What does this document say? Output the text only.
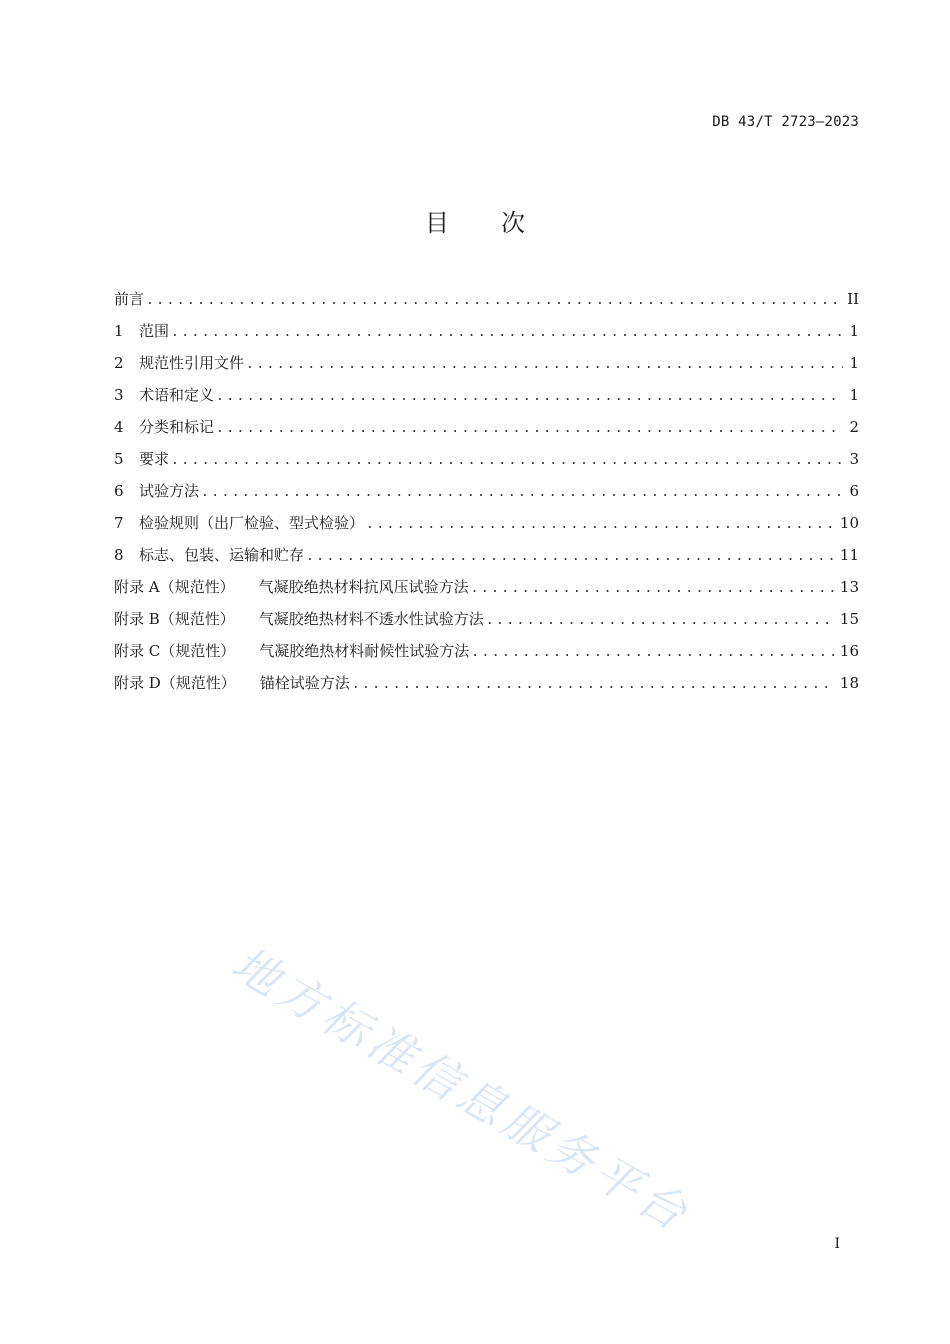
DB 43/T 2723—2023
目 次
前言 .....	II
1	范围 .....	1
2	规范性引用文件 .....	1
3	术语和定义 .....	1
4	分类和标记 .....	2
5	要求 .....	3
6	试验方法 .....	6
7	检验规则（出厂检验、型式检验） .....	10
8	标志、包装、运输和贮存 .....	11
附录 A（规范性） 气凝胶绝热材料抗风压试验方法 .....	13
附录 B（规范性） 气凝胶绝热材料不透水性试验方法 .....	15
附录 C（规范性） 气凝胶绝热材料耐候性试验方法 .....	16
附录 D（规范性） 锚栓试验方法 .....	18
地方标准信息服务平台
I
